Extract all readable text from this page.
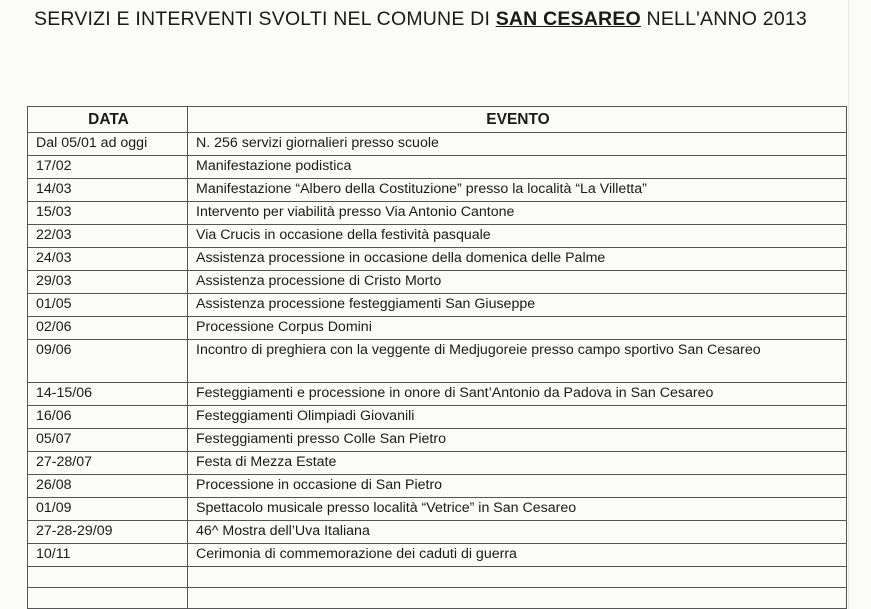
SERVIZI E INTERVENTI SVOLTI NEL COMUNE DI SAN CESAREO NELL'ANNO 2013
DATA	EVENTO
Dal 05/01 ad oggi	N. 256 servizi giornalieri presso scuole
17/02	Manifestazione podistica
14/03	Manifestazione “Albero della Costituzione” presso la località “La Villetta”
15/03	Intervento per viabilità presso Via Antonio Cantone
22/03	Via Crucis in occasione della festività pasquale
24/03	Assistenza processione in occasione della domenica delle Palme
29/03	Assistenza processione di Cristo Morto
01/05	Assistenza processione festeggiamenti San Giuseppe
02/06	Processione Corpus Domini
09/06	Incontro di preghiera con la veggente di Medjugoreie presso campo sportivo San Cesareo
14-15/06	Festeggiamenti e processione in onore di Sant’Antonio da Padova in San Cesareo
16/06	Festeggiamenti Olimpiadi Giovanili
05/07	Festeggiamenti presso Colle San Pietro
27-28/07	Festa di Mezza Estate
26/08	Processione in occasione di San Pietro
01/09	Spettacolo musicale presso località “Vetrice” in San Cesareo
27-28-29/09	46^ Mostra dell’Uva Italiana
10/11	Cerimonia di commemorazione dei caduti di guerra
